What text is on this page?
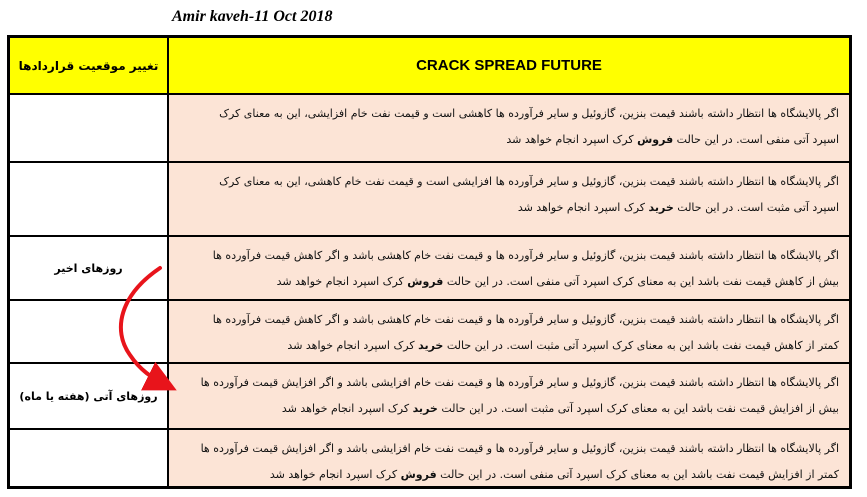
Amir kaveh-11 Oct 2018
تغییر موقعیت قراردادها	CRACK SPREAD FUTURE
اگر پالایشگاه ها انتظار داشته باشند قیمت بنزین، گازوئیل و سایر فرآورده ها کاهشی است و قیمت نفت خام افزایشی، این به معنای کرک
اسپرد آتی منفی است. در این حالت فروش کرک اسپرد انجام خواهد شد
اگر پالایشگاه ها انتظار داشته باشند قیمت بنزین، گازوئیل و سایر فرآورده ها افزایشی است و قیمت نفت خام کاهشی، این به معنای کرک
اسپرد آتی مثبت است. در این حالت خرید کرک اسپرد انجام خواهد شد
روزهای اخیر
اگر پالایشگاه ها انتظار داشته باشند قیمت بنزین، گازوئیل و سایر فرآورده ها و قیمت نفت خام کاهشی باشد و اگر کاهش قیمت فرآورده ها
بیش از کاهش قیمت نفت باشد این به معنای کرک اسپرد آتی منفی است. در این حالت فروش کرک اسپرد انجام خواهد شد
اگر پالایشگاه ها انتظار داشته باشند قیمت بنزین، گازوئیل و سایر فرآورده ها و قیمت نفت خام کاهشی باشد و اگر کاهش قیمت فرآورده ها
کمتر از کاهش قیمت نفت باشد این به معنای کرک اسپرد آتی مثبت است. در این حالت خرید کرک اسپرد انجام خواهد شد
روزهای آتی (هفته یا ماه)
اگر پالایشگاه ها انتظار داشته باشند قیمت بنزین، گازوئیل و سایر فرآورده ها و قیمت نفت خام افزایشی باشد و اگر افزایش قیمت فرآورده ها
بیش از افزایش قیمت نفت باشد این به معنای کرک اسپرد آتی مثبت است. در این حالت خرید کرک اسپرد انجام خواهد شد
اگر پالایشگاه ها انتظار داشته باشند قیمت بنزین، گازوئیل و سایر فرآورده ها و قیمت نفت خام افزایشی باشد و اگر افزایش قیمت فرآورده ها
کمتر از افزایش قیمت نفت باشد این به معنای کرک اسپرد آتی منفی است. در این حالت فروش کرک اسپرد انجام خواهد شد
